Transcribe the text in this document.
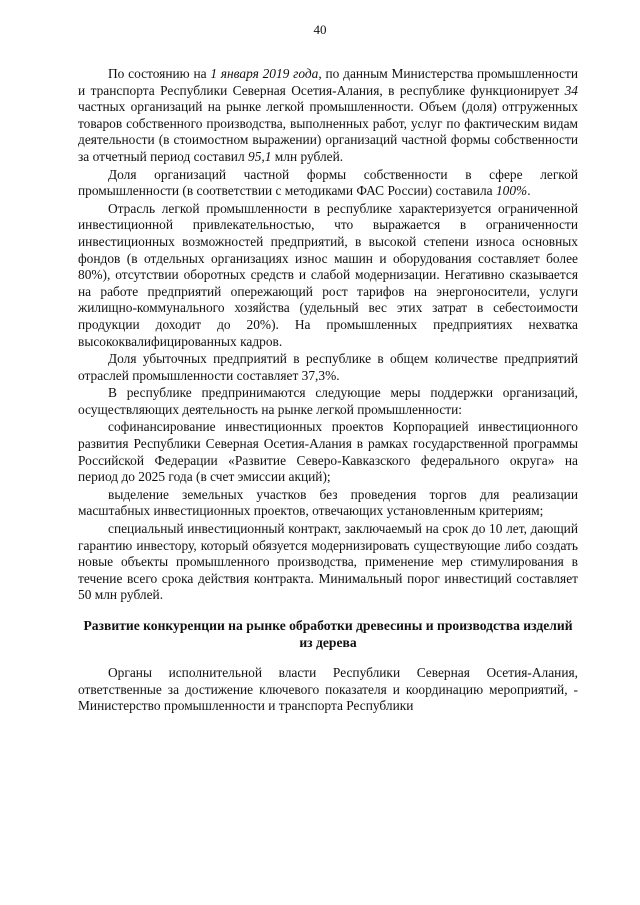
40

По состоянию на 1 января 2019 года, по данным Министерства промышленности и транспорта Республики Северная Осетия-Алания, в республике функционирует 34 частных организаций на рынке легкой промышленности. Объем (доля) отгруженных товаров собственного производства, выполненных работ, услуг по фактическим видам деятельности (в стоимостном выражении) организаций частной формы собственности за отчетный период составил 95,1 млн рублей.

Доля организаций частной формы собственности в сфере легкой промышленности (в соответствии с методиками ФАС России) составила 100%.

Отрасль легкой промышленности в республике характеризуется ограниченной инвестиционной привлекательностью, что выражается в ограниченности инвестиционных возможностей предприятий, в высокой степени износа основных фондов (в отдельных организациях износ машин и оборудования составляет более 80%), отсутствии оборотных средств и слабой модернизации. Негативно сказывается на работе предприятий опережающий рост тарифов на энергоносители, услуги жилищно-коммунального хозяйства (удельный вес этих затрат в себестоимости продукции доходит до 20%). На промышленных предприятиях нехватка высококвалифицированных кадров.

Доля убыточных предприятий в республике в общем количестве предприятий отраслей промышленности составляет 37,3%.

В республике предпринимаются следующие меры поддержки организаций, осуществляющих деятельность на рынке легкой промышленности:

софинансирование инвестиционных проектов Корпорацией инвестиционного развития Республики Северная Осетия-Алания в рамках государственной программы Российской Федерации «Развитие Северо-Кавказского федерального округа» на период до 2025 года (в счет эмиссии акций);

выделение земельных участков без проведения торгов для реализации масштабных инвестиционных проектов, отвечающих установленным критериям;

специальный инвестиционный контракт, заключаемый на срок до 10 лет, дающий гарантию инвестору, который обязуется модернизировать существующие либо создать новые объекты промышленного производства, применение мер стимулирования в течение всего срока действия контракта. Минимальный порог инвестиций составляет 50 млн рублей.

Развитие конкуренции на рынке обработки древесины и производства изделий из дерева

Органы исполнительной власти Республики Северная Осетия-Алания, ответственные за достижение ключевого показателя и координацию мероприятий, - Министерство промышленности и транспорта Республики
